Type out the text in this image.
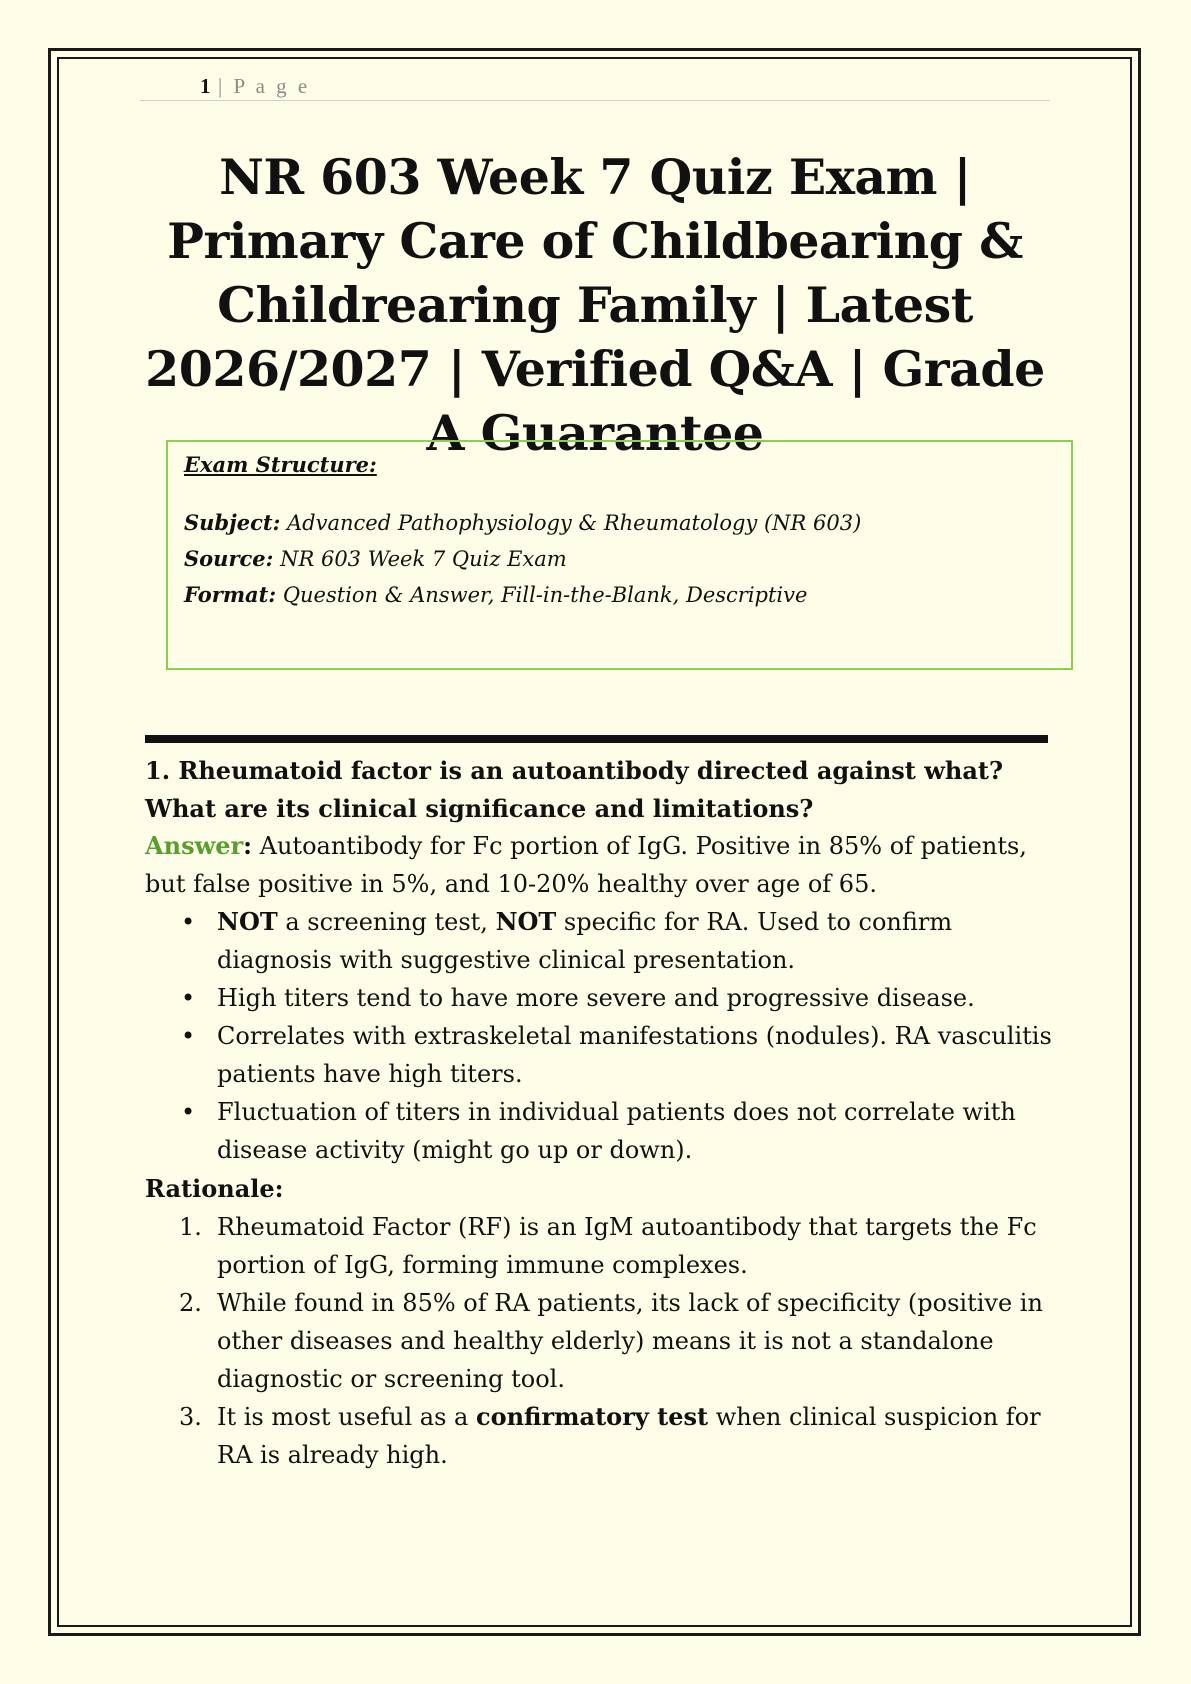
1 | P a g e
NR 603 Week 7 Quiz Exam | Primary Care of Childbearing & Childrearing Family | Latest 2026/2027 | Verified Q&A | Grade A Guarantee
Exam Structure:
Subject: Advanced Pathophysiology & Rheumatology (NR 603)
Source: NR 603 Week 7 Quiz Exam
Format: Question & Answer, Fill-in-the-Blank, Descriptive
1. Rheumatoid factor is an autoantibody directed against what? What are its clinical significance and limitations?
Answer: Autoantibody for Fc portion of IgG. Positive in 85% of patients, but false positive in 5%, and 10-20% healthy over age of 65.
• NOT a screening test, NOT specific for RA. Used to confirm diagnosis with suggestive clinical presentation.
• High titers tend to have more severe and progressive disease.
• Correlates with extraskeletal manifestations (nodules). RA vasculitis patients have high titers.
• Fluctuation of titers in individual patients does not correlate with disease activity (might go up or down).
Rationale:
1. Rheumatoid Factor (RF) is an IgM autoantibody that targets the Fc portion of IgG, forming immune complexes.
2. While found in 85% of RA patients, its lack of specificity (positive in other diseases and healthy elderly) means it is not a standalone diagnostic or screening tool.
3. It is most useful as a confirmatory test when clinical suspicion for RA is already high.
